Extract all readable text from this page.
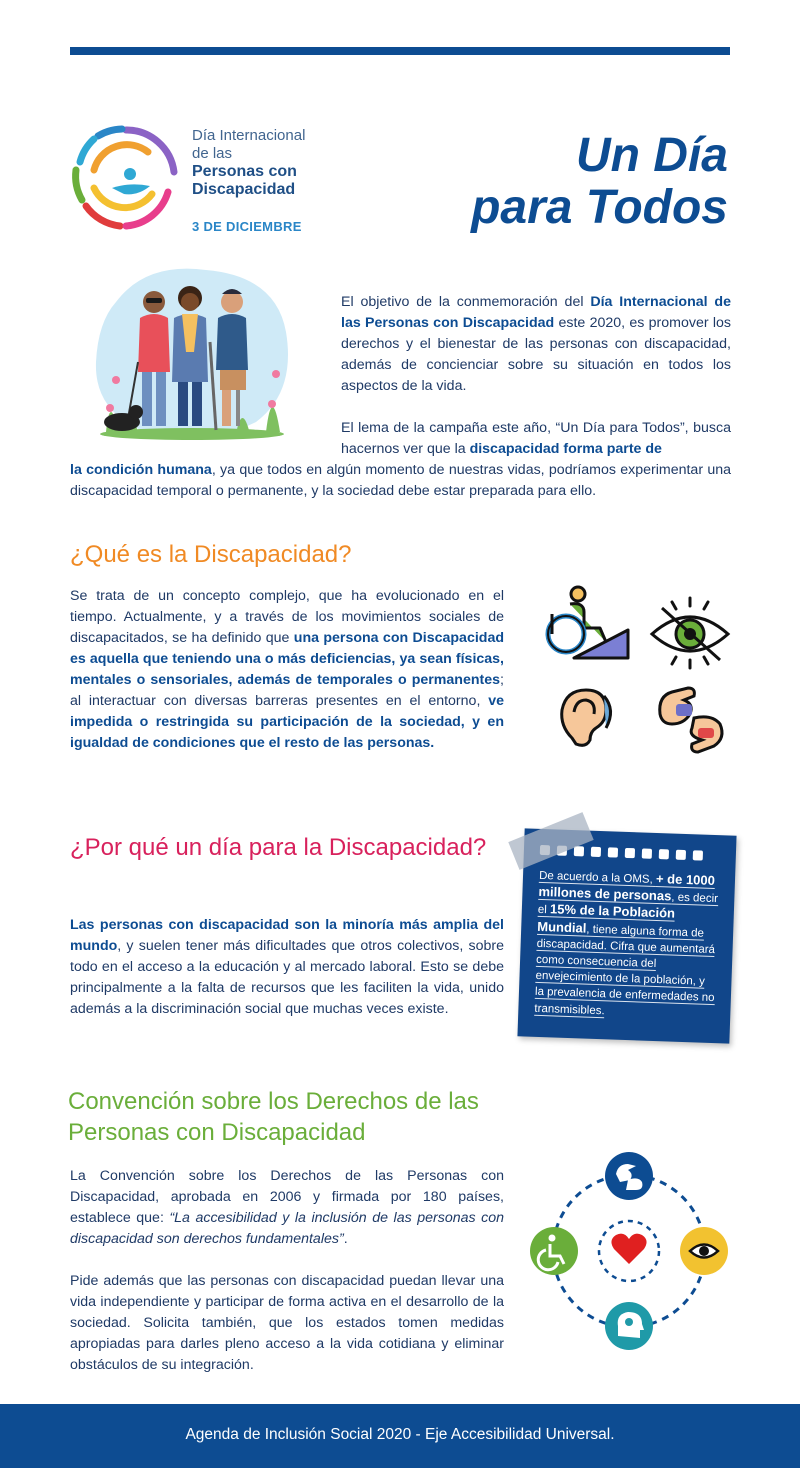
Día Internacional
de las
Personas con
Discapacidad
3 DE DICIEMBRE
Un Día
para Todos
El objetivo de la conmemoración del Día Internacional de las Personas con Discapacidad este 2020, es promover los derechos y el bienestar de las personas con discapacidad, además de concienciar sobre su situación en todos los aspectos de la vida.
El lema de la campaña este año, “Un Día para Todos”, busca hacernos ver que la discapacidad forma parte de
la condición humana, ya que todos en algún momento de nuestras vidas, podríamos experimentar una discapacidad temporal o permanente, y la sociedad debe estar preparada para ello.
¿Qué es la Discapacidad?
Se trata de un concepto complejo, que ha evolucionado en el tiempo. Actualmente, y a través de los movimientos sociales de discapacitados, se ha definido que una persona con Discapacidad es aquella que teniendo una o más deficiencias, ya sean físicas, mentales o sensoriales, además de temporales o permanentes; al interactuar con diversas barreras presentes en el entorno, ve impedida o restringida su participación de la sociedad, y en igualdad de condiciones que el resto de las personas.
¿Por qué un día para la Discapacidad?
Las personas con discapacidad son la minoría más amplia del mundo, y suelen tener más dificultades que otros colectivos, sobre todo en el acceso a la educación y al mercado laboral. Esto se debe principalmente a la falta de recursos que les faciliten la vida, unido además a la discriminación social que muchas veces existe.
De acuerdo a la OMS, + de 1000 millones de personas, es decir el 15% de la Población Mundial, tiene alguna forma de discapacidad. Cifra que aumentará como consecuencia del envejecimiento de la población, y la prevalencia de enfermedades no transmisibles.
Convención sobre los Derechos de las Personas con Discapacidad
La Convención sobre los Derechos de las Personas con Discapacidad, aprobada en 2006 y firmada por 180 países, establece que: “La accesibilidad y la inclusión de las personas con discapacidad son derechos fundamentales”.
Pide además que las personas con discapacidad puedan llevar una vida independiente y participar de forma activa en el desarrollo de la sociedad. Solicita también, que los estados tomen medidas apropiadas para darles pleno acceso a la vida cotidiana y eliminar obstáculos de su integración.
Agenda de Inclusión Social 2020 - Eje Accesibilidad Universal.
